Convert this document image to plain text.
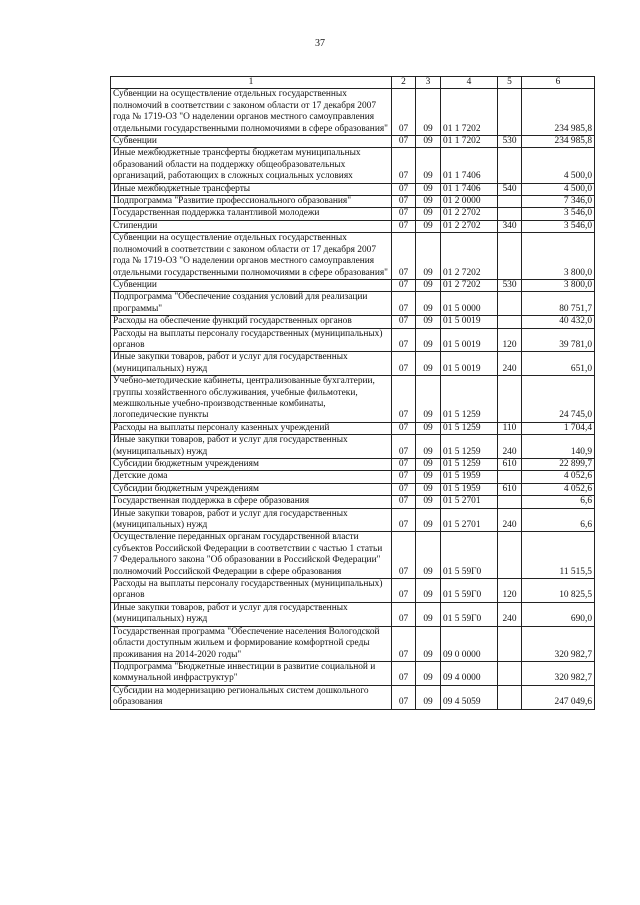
37
1	2	3	4	5	6
Субвенции на осуществление отдельных государственных полномочий в соответствии с законом области от 17 декабря 2007 года № 1719-ОЗ "О наделении органов местного самоуправления отдельными государственными полномочиями в сфере образования"	07	09	01 1 7202		234 985,8
Субвенции	07	09	01 1 7202	530	234 985,8
Иные межбюджетные трансферты бюджетам муниципальных образований области на поддержку общеобразовательных организаций, работающих в сложных социальных условиях	07	09	01 1 7406		4 500,0
Иные межбюджетные трансферты	07	09	01 1 7406	540	4 500,0
Подпрограмма "Развитие профессионального образования"	07	09	01 2 0000		7 346,0
Государственная поддержка талантливой молодежи	07	09	01 2 2702		3 546,0
Стипендии	07	09	01 2 2702	340	3 546,0
Субвенции на осуществление отдельных государственных полномочий в соответствии с законом области от 17 декабря 2007 года № 1719-ОЗ "О наделении органов местного самоуправления отдельными государственными полномочиями в сфере образования"	07	09	01 2 7202		3 800,0
Субвенции	07	09	01 2 7202	530	3 800,0
Подпрограмма "Обеспечение создания условий для реализации программы"	07	09	01 5 0000		80 751,7
Расходы на обеспечение функций государственных органов	07	09	01 5 0019		40 432,0
Расходы на выплаты персоналу государственных (муниципальных) органов	07	09	01 5 0019	120	39 781,0
Иные закупки товаров, работ и услуг для государственных (муниципальных) нужд	07	09	01 5 0019	240	651,0
Учебно-методические кабинеты, централизованные бухгалтерии, группы хозяйственного обслуживания, учебные фильмотеки, межшкольные учебно-производственные комбинаты, логопедические пункты	07	09	01 5 1259		24 745,0
Расходы на выплаты персоналу казенных учреждений	07	09	01 5 1259	110	1 704,4
Иные закупки товаров, работ и услуг для государственных (муниципальных) нужд	07	09	01 5 1259	240	140,9
Субсидии бюджетным учреждениям	07	09	01 5 1259	610	22 899,7
Детские дома	07	09	01 5 1959		4 052,6
Субсидии бюджетным учреждениям	07	09	01 5 1959	610	4 052,6
Государственная поддержка в сфере образования	07	09	01 5 2701		6,6
Иные закупки товаров, работ и услуг для государственных (муниципальных) нужд	07	09	01 5 2701	240	6,6
Осуществление переданных органам государственной власти субъектов Российской Федерации в соответствии с частью 1 статьи 7 Федерального закона "Об образовании в Российской Федерации" полномочий Российской Федерации в сфере образования	07	09	01 5 59Г0		11 515,5
Расходы на выплаты персоналу государственных (муниципальных) органов	07	09	01 5 59Г0	120	10 825,5
Иные закупки товаров, работ и услуг для государственных (муниципальных) нужд	07	09	01 5 59Г0	240	690,0
Государственная программа "Обеспечение населения Вологодской области доступным жильем и формирование комфортной среды проживания на 2014-2020 годы"	07	09	09 0 0000		320 982,7
Подпрограмма "Бюджетные инвестиции в развитие социальной и коммунальной инфраструктур"	07	09	09 4 0000		320 982,7
Субсидии на модернизацию региональных систем дошкольного образования	07	09	09 4 5059		247 049,6
